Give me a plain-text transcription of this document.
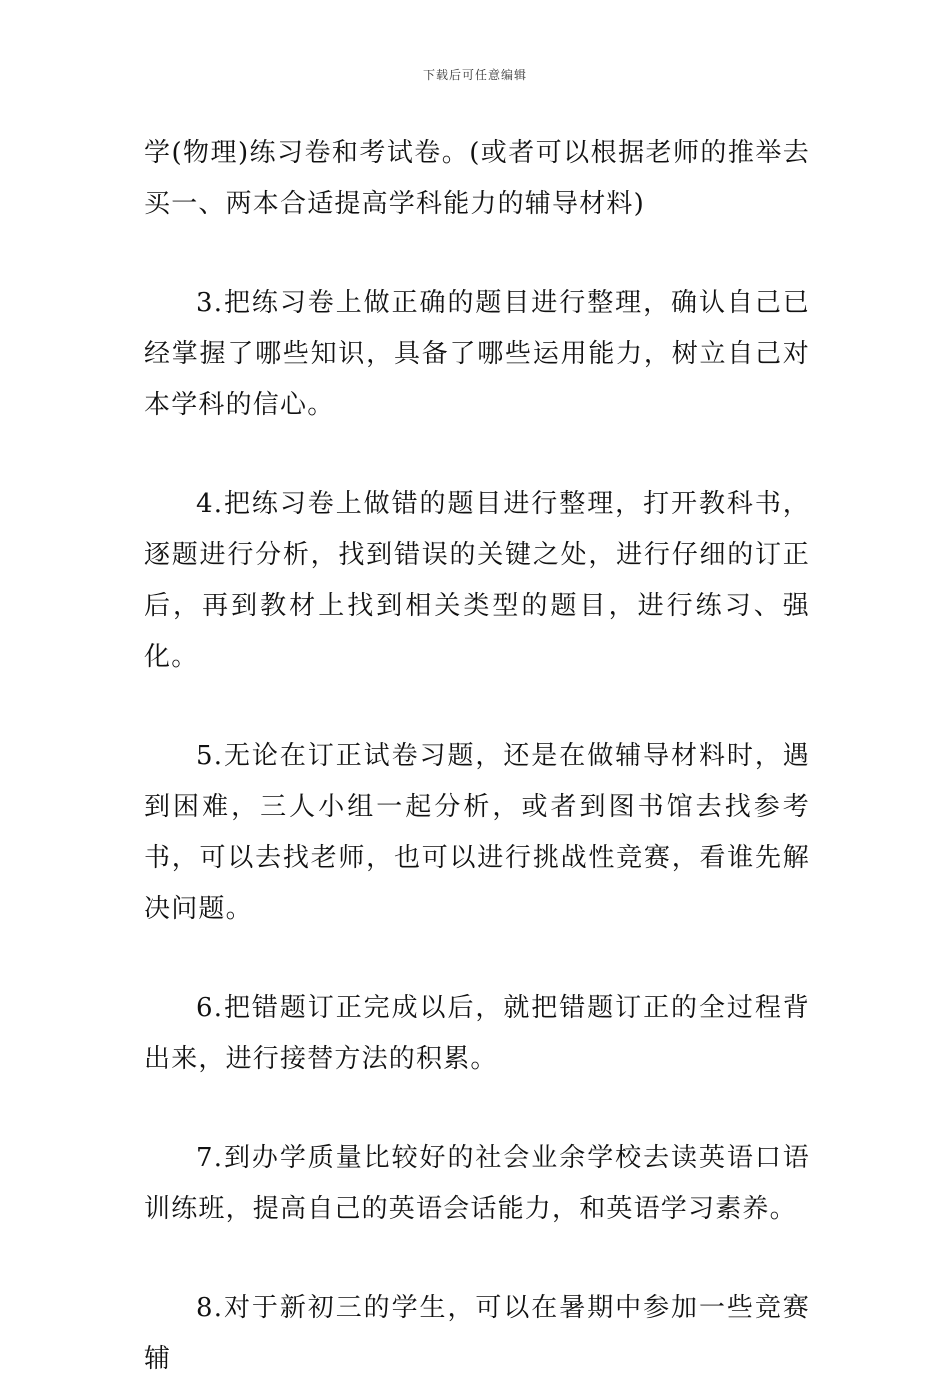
下载后可任意编辑

学(物理)练习卷和考试卷。(或者可以根据老师的推举去买一、两本合适提高学科能力的辅导材料)

3.把练习卷上做正确的题目进行整理，确认自己已经掌握了哪些知识，具备了哪些运用能力，树立自己对本学科的信心。

4.把练习卷上做错的题目进行整理，打开教科书，逐题进行分析，找到错误的关键之处，进行仔细的订正后，再到教材上找到相关类型的题目，进行练习、强化。

5.无论在订正试卷习题，还是在做辅导材料时，遇到困难，三人小组一起分析，或者到图书馆去找参考书，可以去找老师，也可以进行挑战性竞赛，看谁先解决问题。

6.把错题订正完成以后，就把错题订正的全过程背出来，进行接替方法的积累。

7.到办学质量比较好的社会业余学校去读英语口语训练班，提高自己的英语会话能力，和英语学习素养。

8.对于新初三的学生，可以在暑期中参加一些竞赛辅
